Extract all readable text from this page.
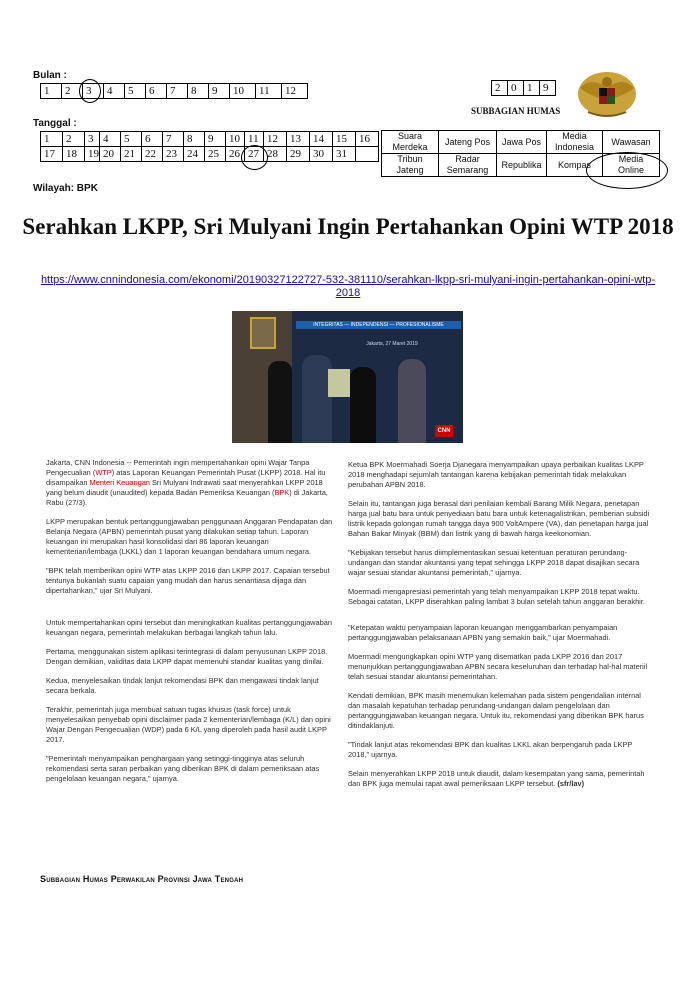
Bulan :
1	2	3	4	5	6	7	8	9	10	11	12
Tanggal :
1	2	3	4	5	6	7	8	9	10	11	12	13	14	15	16
17	18	19	20	21	22	23	24	25	26	27	28	29	30	31	
Wilayah: BPK
2	0	1	9
SUBBAGIAN HUMAS
Suara Merdeka	Jateng Pos	Jawa Pos	Media Indonesia	Wawasan
Tribun Jateng	Radar Semarang	Republika	Kompas	Media Online
Serahkan LKPP, Sri Mulyani Ingin Pertahankan Opini WTP 2018
https://www.cnnindonesia.com/ekonomi/20190327122727-532-381110/serahkan-lkpp-sri-mulyani-ingin-pertahankan-opini-wtp-2018
INTEGRITAS — INDEPENDENSI — PROFESIONALISME
Jakarta, 27 Maret 2019
CNN

Jakarta, CNN Indonesia -- Pemerintah ingin mempertahankan opini Wajar Tanpa Pengecualian (WTP) atas Laporan Keuangan Pemerintah Pusat (LKPP) 2018. Hal itu disampaikan Menteri Keuangan Sri Mulyani Indrawati saat menyerahkan LKPP 2018 yang belum diaudit (unaudited) kepada Badan Pemeriksa Keuangan (BPK) di Jakarta, Rabu (27/3).

LKPP merupakan bentuk pertanggungjawaban penggunaan Anggaran Pendapatan dan Belanja Negara (APBN) pemerintah pusat yang dilakukan setiap tahun. Laporan keuangan ini merupakan hasil konsolidasi dari 86 laporan keuangan kementerian/lembaga (LKKL) dan 1 laporan keuangan bendahara umum negara.

"BPK telah memberikan opini WTP atas LKPP 2016 dan LKPP 2017. Capaian tersebut tentunya bukanlah suatu capaian yang mudah dan harus senantiasa dijaga dan dipertahankan," ujar Sri Mulyani.

Untuk mempertahankan opini tersebut dan meningkatkan kualitas pertanggungjawaban keuangan negara, pemerintah melakukan berbagai langkah tahun lalu.

Pertama, menggunakan sistem aplikasi terintegrasi di dalam penyusunan LKPP 2018. Dengan demikian, validitas data LKPP dapat memenuhi standar kualitas yang dinilai.

Kedua, menyelesaikan tindak lanjut rekomendasi BPK dan mengawasi tindak lanjut secara berkala.

Terakhir, pemerintah juga membuat satuan tugas khusus (task force) untuk menyelesaikan penyebab opini disclaimer pada 2 kementerian/lembaga (K/L) dan opini Wajar Dengan Pengecualian (WDP) pada 6 K/L yang diperoleh pada hasil audit LKPP 2017.

"Pemerintah menyampaikan penghargaan yang setinggi-tingginya atas seluruh rekomendasi serta saran perbaikan yang diberikan BPK di dalam pemeriksaan atas pengelolaan keuangan negara," ujarnya.

Ketua BPK Moermahadi Soerja Djanegara menyampaikan upaya perbaikan kualitas LKPP 2018 menghadapi sejumlah tantangan karena kebijakan pemerintah tidak melakukan perubahan APBN 2018.

Selain itu, tantangan juga berasal dari penilaian kembali Barang Milik Negara, penetapan harga jual batu bara untuk penyediaan batu bara untuk ketenagalistrikan, pemberian subsidi listrik kepada golongan rumah tangga daya 900 VoltAmpere (VA), dan penetapan harga jual Bahan Bakar Minyak (BBM) dan listrik yang di bawah harga keekonomian.

"Kebijakan tersebut harus diimplementasikan sesuai ketentuan peraturan perundang-undangan dan standar akuntansi yang tepat sehingga LKPP 2018 dapat disajikan secara wajar sesuai standar akuntansi pemerintah," ujarnya.

Moermadi mengapresiasi pemerintah yang telah menyampaikan LKPP 2018 tepat waktu. Sebagai catatan, LKPP diserahkan paling lambat 3 bulan setelah tahun anggaran berakhir.

"Ketepatan waktu penyampaian laporan keuangan menggambarkan penyampaian pertanggungjawaban pelaksanaan APBN yang semakin baik," ujar Moermahadi.

Moermadi mengungkapkan opini WTP yang disematkan pada LKPP 2016 dan 2017 menunjukkan pertanggungjawaban APBN secara keseluruhan dan terhadap hal-hal materiil telah sesuai standar akuntansi pemerintahan.

Kendati demikian, BPK masih menemukan kelemahan pada sistem pengendalian internal dan masalah kepatuhan terhadap perundang-undangan dalam pengelolaan dan pertanggungjawaban keuangan negara. Untuk itu, rekomendasi yang diberikan BPK harus ditindaklanjuti.

"Tindak lanjut atas rekomendasi BPK dan kualitas LKKL akan berpengaruh pada LKPP 2018," ujarnya.

Selain menyerahkan LKPP 2018 untuk diaudit, dalam kesempatan yang sama, pemerintah dan BPK juga memulai rapat awal pemeriksaan LKPP tersebut. (sfr/lav)

Subbagian Humas Perwakilan Provinsi Jawa Tengah
